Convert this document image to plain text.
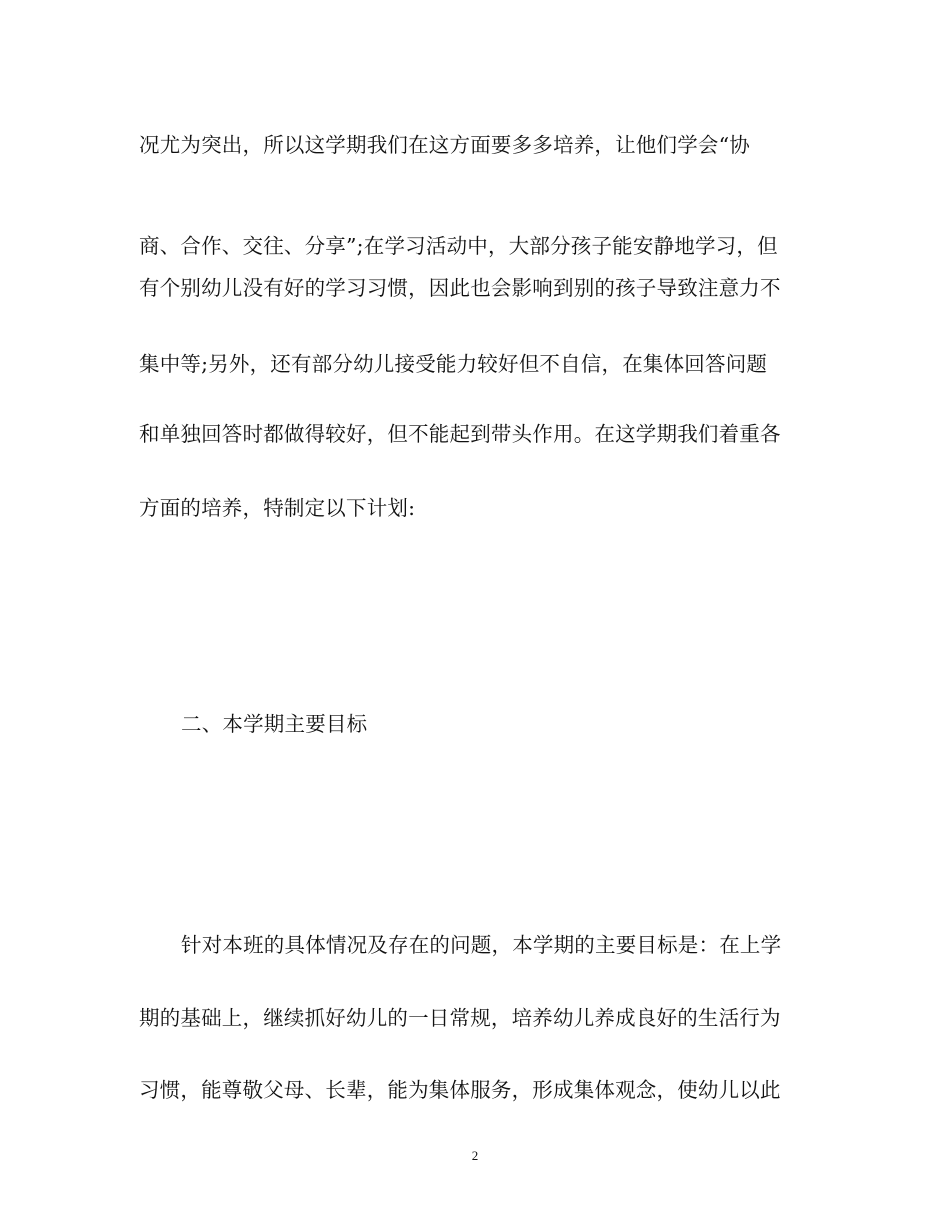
况尤为突出，所以这学期我们在这方面要多多培养，让他们学会“协
商、合作、交往、分享”;在学习活动中，大部分孩子能安静地学习，但
有个别幼儿没有好的学习习惯，因此也会影响到别的孩子导致注意力不
集中等;另外，还有部分幼儿接受能力较好但不自信，在集体回答问题
和单独回答时都做得较好，但不能起到带头作用。在这学期我们着重各
方面的培养，特制定以下计划:
二、本学期主要目标
针对本班的具体情况及存在的问题，本学期的主要目标是：在上学
期的基础上，继续抓好幼儿的一日常规，培养幼儿养成良好的生活行为
习惯，能尊敬父母、长辈，能为集体服务，形成集体观念，使幼儿以此
2
